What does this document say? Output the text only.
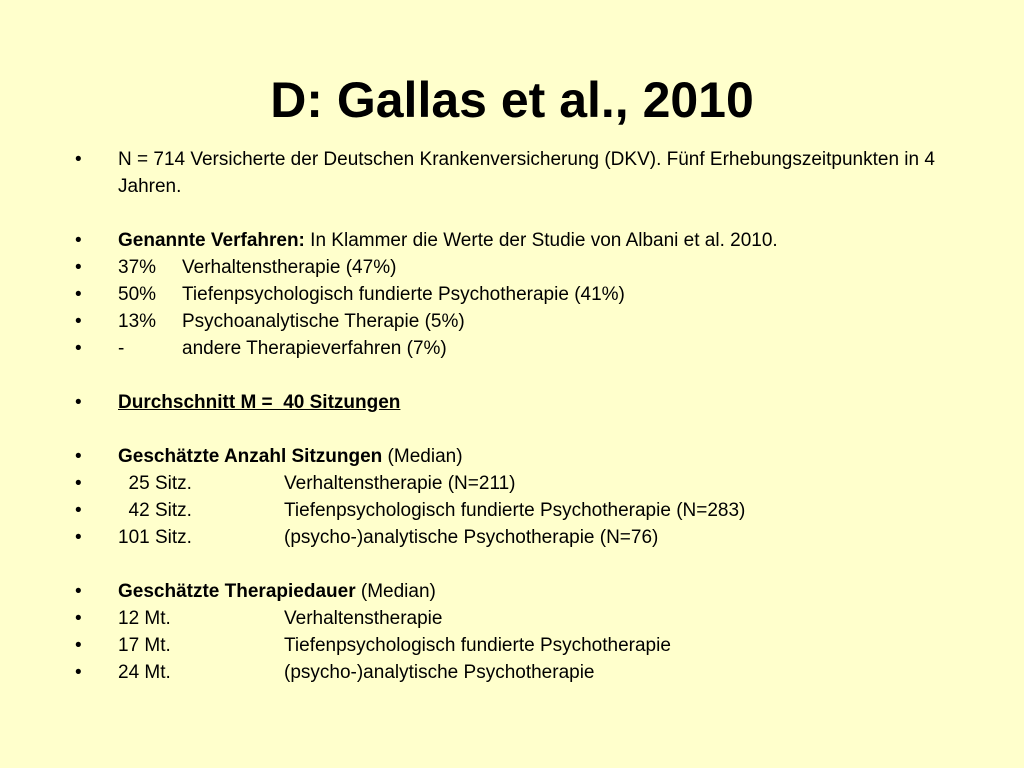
D: Gallas et al., 2010
•	N = 714 Versicherte der Deutschen Krankenversicherung (DKV). Fünf Erhebungszeitpunkten in 4 Jahren.
•	Genannte Verfahren: In Klammer die Werte der Studie von Albani et al. 2010.
•	37% Verhaltenstherapie (47%)
•	50% Tiefenpsychologisch fundierte Psychotherapie (41%)
•	13% Psychoanalytische Therapie (5%)
•	-	andere Therapieverfahren (7%)
•	Durchschnitt M =  40 Sitzungen
•	Geschätzte Anzahl Sitzungen (Median)
•	25 Sitz.	Verhaltenstherapie (N=211)
•	42 Sitz.	Tiefenpsychologisch fundierte Psychotherapie (N=283)
•	101 Sitz.	(psycho-)analytische Psychotherapie (N=76)
•	Geschätzte Therapiedauer (Median)
•	12 Mt.	Verhaltenstherapie
•	17 Mt.	Tiefenpsychologisch fundierte Psychotherapie
•	24 Mt.	(psycho-)analytische Psychotherapie
